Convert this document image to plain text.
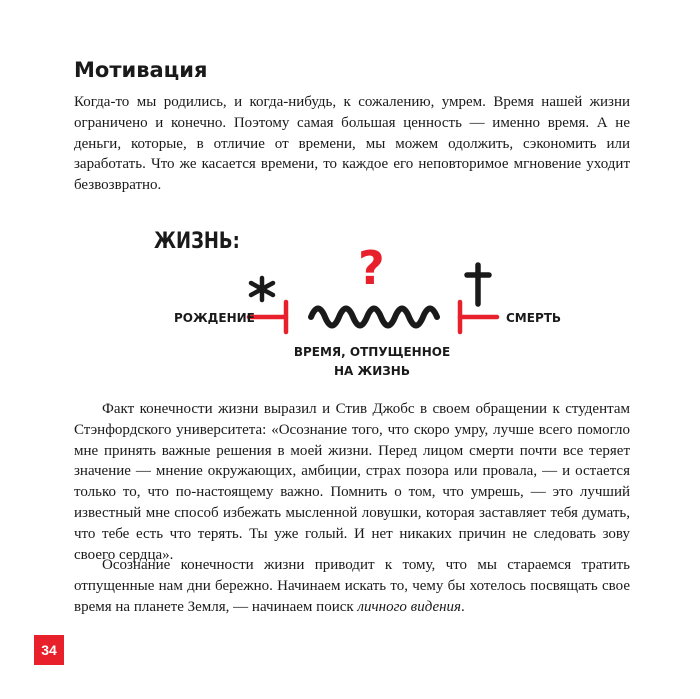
Мотивация

Когда-то мы родились, и когда-нибудь, к сожалению, умрем. Время нашей жизни ограничено и конечно. Поэтому самая большая ценность — именно время. А не деньги, которые, в отличие от времени, мы можем одолжить, сэкономить или заработать. Что же касается времени, то каждое его неповторимое мгновение уходит безвозвратно.

ЖИЗНЬ:
?
РОЖДЕНИЕ	СМЕРТЬ
ВРЕМЯ, ОТПУЩЕННОЕ
НА ЖИЗНЬ

Факт конечности жизни выразил и Стив Джобс в своем обращении к студентам Стэнфордского университета: «Осознание того, что скоро умру, лучше всего помогло мне принять важные решения в моей жизни. Перед лицом смерти почти все теряет значение — мнение окружающих, амбиции, страх позора или провала, — и остается только то, что по-настоящему важно. Помнить о том, что умрешь, — это лучший известный мне способ избежать мысленной ловушки, которая заставляет тебя думать, что тебе есть что терять. Ты уже голый. И нет никаких причин не следовать зову своего сердца».

Осознание конечности жизни приводит к тому, что мы стараемся тратить отпущенные нам дни бережно. Начинаем искать то, чему бы хотелось посвящать свое время на планете Земля, — начинаем поиск личного видения.

34
